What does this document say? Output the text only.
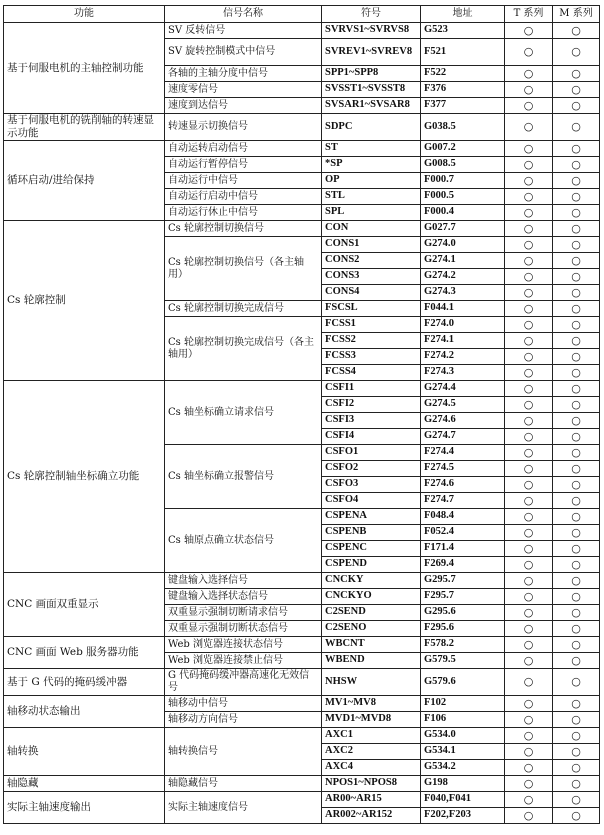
功能	信号名称	符号	地址	T 系列	M 系列
基于伺服电机的主轴控制功能	SV 反转信号	SVRVS1~SVRVS8	G523	○	○
	SV 旋转控制模式中信号	SVREV1~SVREV8	F521	○	○
	各轴的主轴分度中信号	SPP1~SPP8	F522	○	○
	速度零信号	SVSST1~SVSST8	F376	○	○
	速度到达信号	SVSAR1~SVSAR8	F377	○	○
基于伺服电机的铣削轴的转速显示功能	转速显示切换信号	SDPC	G038.5	○	○
循环启动/进给保持	自动运转启动信号	ST	G007.2	○	○
	自动运行暂停信号	*SP	G008.5	○	○
	自动运行中信号	OP	F000.7	○	○
	自动运行启动中信号	STL	F000.5	○	○
	自动运行休止中信号	SPL	F000.4	○	○
Cs 轮廓控制	Cs 轮廓控制切换信号	CON	G027.7	○	○
	Cs 轮廓控制切换信号（各主轴用）	CONS1	G274.0	○	○
		CONS2	G274.1	○	○
		CONS3	G274.2	○	○
		CONS4	G274.3	○	○
	Cs 轮廓控制切换完成信号	FSCSL	F044.1	○	○
	Cs 轮廓控制切换完成信号（各主轴用）	FCSS1	F274.0	○	○
		FCSS2	F274.1	○	○
		FCSS3	F274.2	○	○
		FCSS4	F274.3	○	○
Cs 轮廓控制轴坐标确立功能	Cs 轴坐标确立请求信号	CSFI1	G274.4	○	○
		CSFI2	G274.5	○	○
		CSFI3	G274.6	○	○
		CSFI4	G274.7	○	○
	Cs 轴坐标确立报警信号	CSFO1	F274.4	○	○
		CSFO2	F274.5	○	○
		CSFO3	F274.6	○	○
		CSFO4	F274.7	○	○
	Cs 轴原点确立状态信号	CSPENA	F048.4	○	○
		CSPENB	F052.4	○	○
		CSPENC	F171.4	○	○
		CSPEND	F269.4	○	○
CNC 画面双重显示	键盘输入选择信号	CNCKY	G295.7	○	○
	键盘输入选择状态信号	CNCKYO	F295.7	○	○
	双重显示强制切断请求信号	C2SEND	G295.6	○	○
	双重显示强制切断状态信号	C2SENO	F295.6	○	○
CNC 画面 Web 服务器功能	Web 浏览器连接状态信号	WBCNT	F578.2	○	○
	Web 浏览器连接禁止信号	WBEND	G579.5	○	○
基于 G 代码的掩码缓冲器	G 代码掩码缓冲器高速化无效信号	NHSW	G579.6	○	○
轴移动状态输出	轴移动中信号	MV1~MV8	F102	○	○
	轴移动方向信号	MVD1~MVD8	F106	○	○
轴转换	轴转换信号	AXC1	G534.0	○	○
		AXC2	G534.1	○	○
		AXC4	G534.2	○	○
轴隐藏	轴隐藏信号	NPOS1~NPOS8	G198	○	○
实际主轴速度输出	实际主轴速度信号	AR00~AR15	F040,F041	○	○
		AR002~AR152	F202,F203	○	○
